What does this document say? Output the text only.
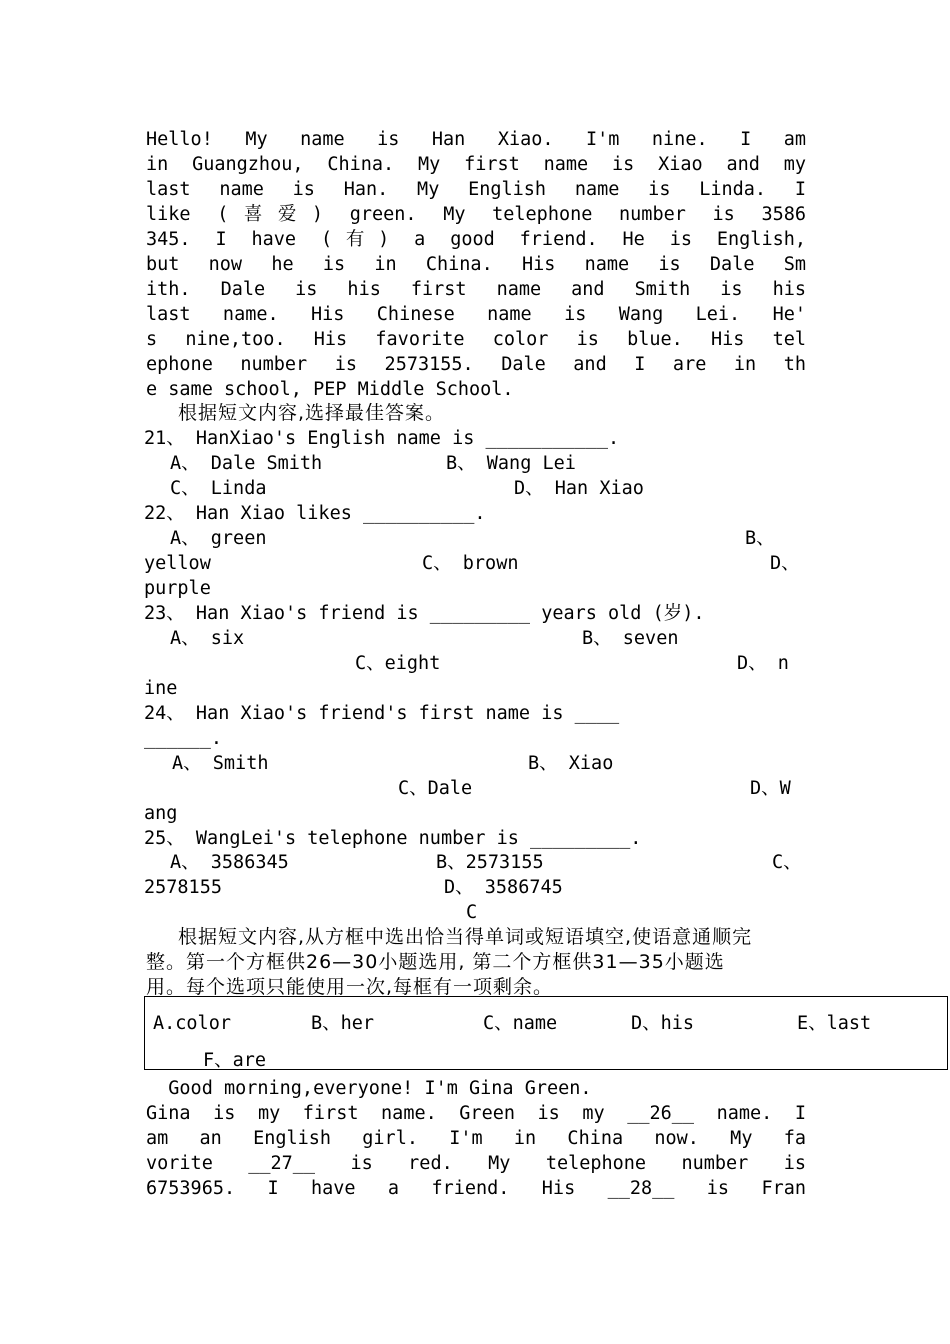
Hello! My name is Han Xiao. I'm nine. I am
in Guangzhou, China. My first name is Xiao and my
last name is Han. My English name is Linda. I
like (喜爱) green. My telephone number is 3586
345. I have (有) a good friend. He is English,
but now he is in China. His name is Dale Sm
ith. Dale is his first name and Smith is his
last name. His Chinese name is Wang Lei. He'
s nine,too. His favorite color is blue. His tel
ephone number is 2573155. Dale and I are in th
e same school, PEP Middle School.
根据短文内容,选择最佳答案。
21、 HanXiao's English name is ___________.
A、 Dale Smith	B、 Wang Lei
C、 Linda	D、 Han Xiao
22、 Han Xiao likes __________.
A、 green	B、
yellow	C、 brown	D、
purple
23、 Han Xiao's friend is _________ years old (岁).
A、 six	B、 seven
C、eight	D、 n
ine
24、 Han Xiao's friend's first name is ____
______.
A、 Smith	B、 Xiao
C、Dale	D、W
ang
25、 WangLei's telephone number is _________.
A、 3586345	B、2573155	C、
2578155	D、 3586745
C
根据短文内容,从方框中选出恰当得单词或短语填空,使语意通顺完
整。第一个方框供26—30小题选用, 第二个方框供31—35小题选
用。每个选项只能使用一次,每框有一项剩余。
A.color	B、her	C、name	D、his	E、last
F、are
Good morning,everyone! I'm Gina Green.
Gina is my first name. Green is my __26__ name. I
am an English girl. I'm in China now. My fa
vorite __27__ is red. My telephone number is
6753965. I have a friend. His __28__ is Fran
